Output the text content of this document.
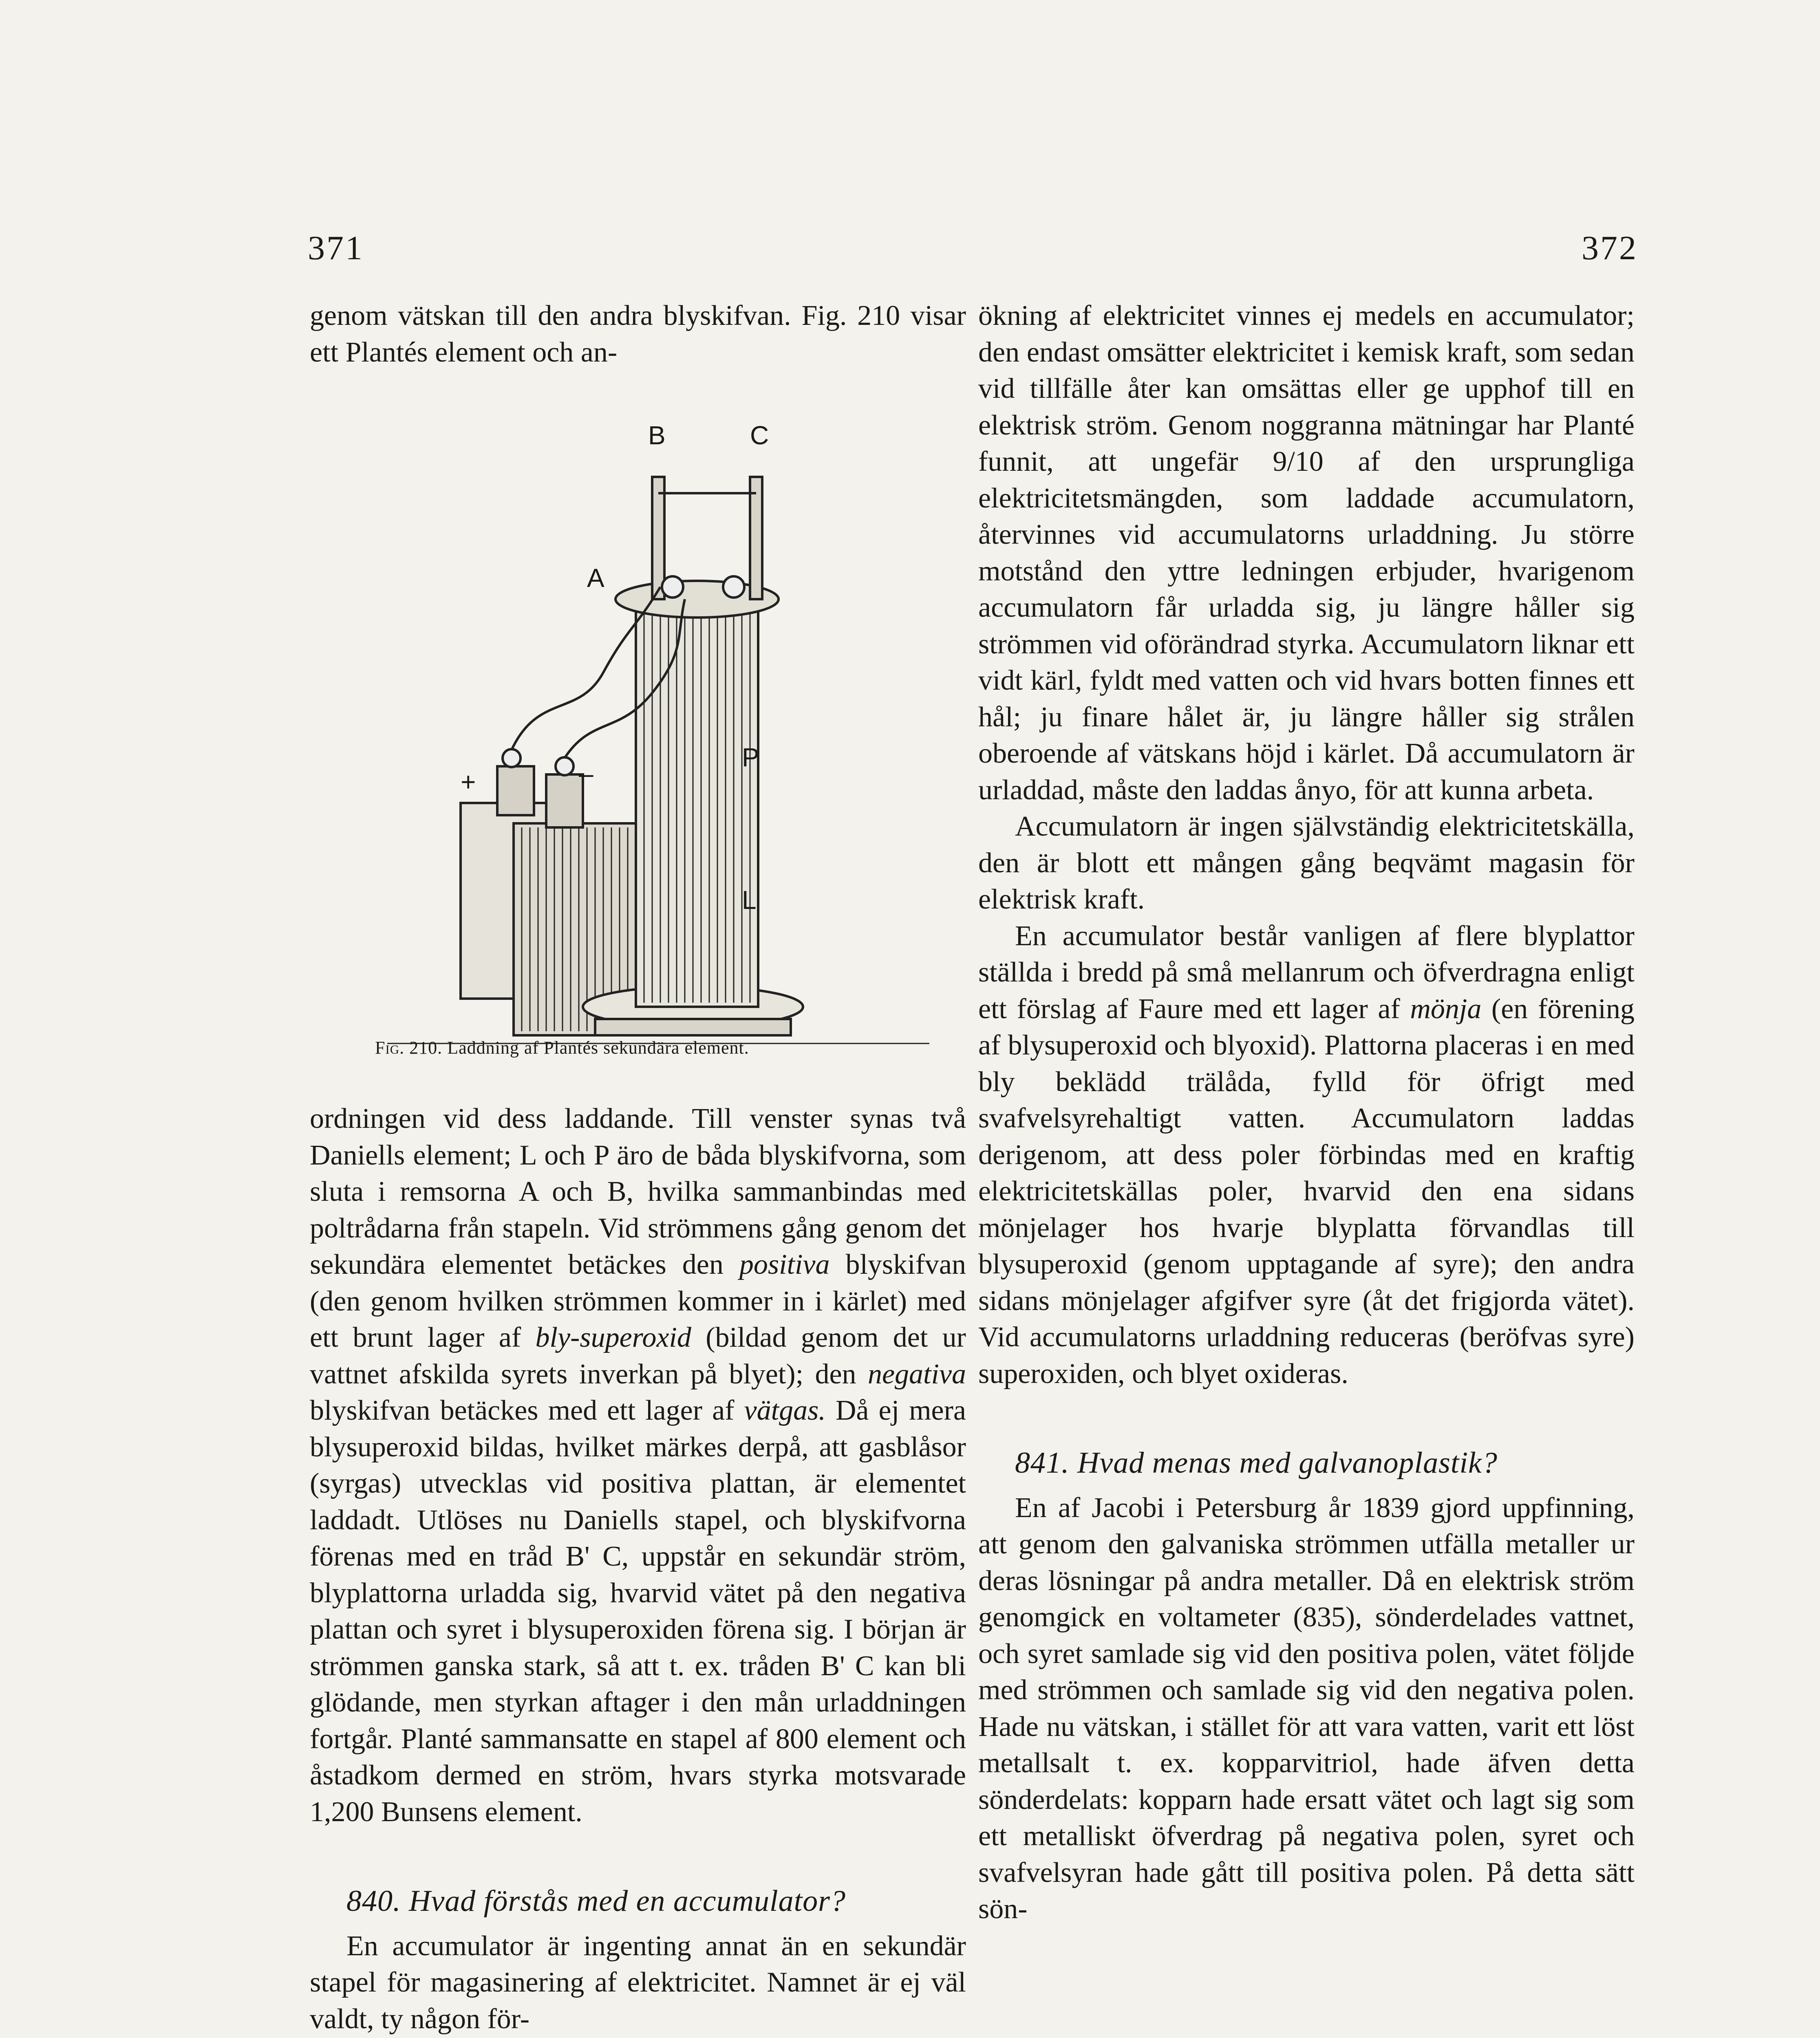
371	372

genom vätskan till den andra blyskifvan. Fig. 210 visar ett Plantés element och an-

B	C
A
P
L
+	–
Fig. 210. Laddning af Plantés sekundära element.

ordningen vid dess laddande. Till venster synas två Daniells element; L och P äro de båda blyskifvorna, som sluta i remsorna A och B, hvilka sammanbindas med poltrådarna från stapeln. Vid strömmens gång genom det sekundära elementet betäckes den positiva blyskifvan (den genom hvilken strömmen kommer in i kärlet) med ett brunt lager af bly-superoxid (bildad genom det ur vattnet afskilda syrets inverkan på blyet); den negativa blyskifvan betäckes med ett lager af vätgas. Då ej mera blysuperoxid bildas, hvilket märkes derpå, att gasblåsor (syrgas) utvecklas vid positiva plattan, är elementet laddadt. Utlöses nu Daniells stapel, och blyskifvorna förenas med en tråd B' C, uppstår en sekundär ström, blyplattorna urladda sig, hvarvid vätet på den negativa plattan och syret i blysuperoxiden förena sig. I början är strömmen ganska stark, så att t. ex. tråden B' C kan bli glödande, men styrkan aftager i den mån urladdningen fortgår. Planté sammansatte en stapel af 800 element och åstadkom dermed en ström, hvars styrka motsvarade 1,200 Bunsens element.

840. Hvad förstås med en accumulator?

En accumulator är ingenting annat än en sekundär stapel för magasinering af elektricitet. Namnet är ej väl valdt, ty någon för-

ökning af elektricitet vinnes ej medels en accumulator; den endast omsätter elektricitet i kemisk kraft, som sedan vid tillfälle åter kan omsättas eller ge upphof till en elektrisk ström. Genom noggranna mätningar har Planté funnit, att ungefär 9/10 af den ursprungliga elektricitetsmängden, som laddade accumulatorn, återvinnes vid accumulatorns urladdning. Ju större motstånd den yttre ledningen erbjuder, hvarigenom accumulatorn får urladda sig, ju längre håller sig strömmen vid oförändrad styrka. Accumulatorn liknar ett vidt kärl, fyldt med vatten och vid hvars botten finnes ett hål; ju finare hålet är, ju längre håller sig strålen oberoende af vätskans höjd i kärlet. Då accumulatorn är urladdad, måste den laddas ånyo, för att kunna arbeta.

Accumulatorn är ingen självständig elektricitetskälla, den är blott ett mången gång beqvämt magasin för elektrisk kraft.

En accumulator består vanligen af flere blyplattor ställda i bredd på små mellanrum och öfverdragna enligt ett förslag af Faure med ett lager af mönja (en förening af blysuperoxid och blyoxid). Plattorna placeras i en med bly beklädd trälåda, fylld för öfrigt med svafvelsyrehaltigt vatten. Accumulatorn laddas derigenom, att dess poler förbindas med en kraftig elektricitetskällas poler, hvarvid den ena sidans mönjelager hos hvarje blyplatta förvandlas till blysuperoxid (genom upptagande af syre); den andra sidans mönjelager afgifver syre (åt det frigjorda vätet). Vid accumulatorns urladdning reduceras (beröfvas syre) superoxiden, och blyet oxideras.

841. Hvad menas med galvanoplastik?

En af Jacobi i Petersburg år 1839 gjord uppfinning, att genom den galvaniska strömmen utfälla metaller ur deras lösningar på andra metaller. Då en elektrisk ström genomgick en voltameter (835), sönderdelades vattnet, och syret samlade sig vid den positiva polen, vätet följde med strömmen och samlade sig vid den negativa polen. Hade nu vätskan, i stället för att vara vatten, varit ett löst metallsalt t. ex. kopparvitriol, hade äfven detta sönderdelats: kopparn hade ersatt vätet och lagt sig som ett metalliskt öfverdrag på negativa polen, syret och svafvelsyran hade gått till positiva polen. På detta sätt sön-
